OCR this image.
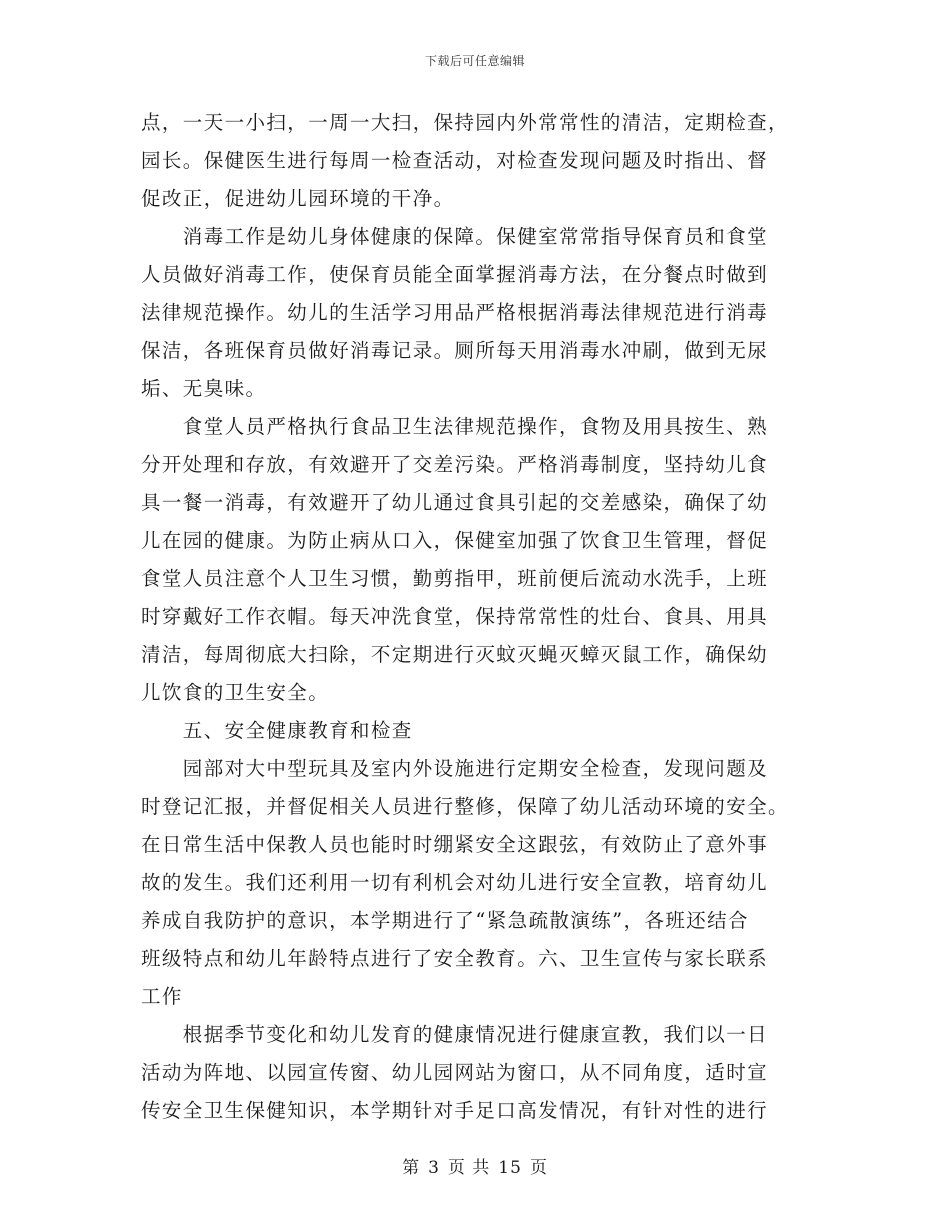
下载后可任意编辑
点，一天一小扫，一周一大扫，保持园内外常常性的清洁，定期检查，
园长。保健医生进行每周一检查活动，对检查发现问题及时指出、督
促改正，促进幼儿园环境的干净。
　　消毒工作是幼儿身体健康的保障。保健室常常指导保育员和食堂
人员做好消毒工作，使保育员能全面掌握消毒方法，在分餐点时做到
法律规范操作。幼儿的生活学习用品严格根据消毒法律规范进行消毒
保洁，各班保育员做好消毒记录。厕所每天用消毒水冲刷，做到无尿
垢、无臭味。
　　食堂人员严格执行食品卫生法律规范操作，食物及用具按生、熟
分开处理和存放，有效避开了交差污染。严格消毒制度，坚持幼儿食
具一餐一消毒，有效避开了幼儿通过食具引起的交差感染，确保了幼
儿在园的健康。为防止病从口入，保健室加强了饮食卫生管理，督促
食堂人员注意个人卫生习惯，勤剪指甲，班前便后流动水洗手，上班
时穿戴好工作衣帽。每天冲洗食堂，保持常常性的灶台、食具、用具
清洁，每周彻底大扫除，不定期进行灭蚊灭蝇灭蟑灭鼠工作，确保幼
儿饮食的卫生安全。
　　五、安全健康教育和检查
　　园部对大中型玩具及室内外设施进行定期安全检查，发现问题及
时登记汇报，并督促相关人员进行整修，保障了幼儿活动环境的安全。
在日常生活中保教人员也能时时绷紧安全这跟弦，有效防止了意外事
故的发生。我们还利用一切有利机会对幼儿进行安全宣教，培育幼儿
养成自我防护的意识，本学期进行了“紧急疏散演练”，各班还结合
班级特点和幼儿年龄特点进行了安全教育。六、卫生宣传与家长联系
工作
　　根据季节变化和幼儿发育的健康情况进行健康宣教，我们以一日
活动为阵地、以园宣传窗、幼儿园网站为窗口，从不同角度，适时宣
传安全卫生保健知识，本学期针对手足口高发情况，有针对性的进行
第 3 页 共 15 页
